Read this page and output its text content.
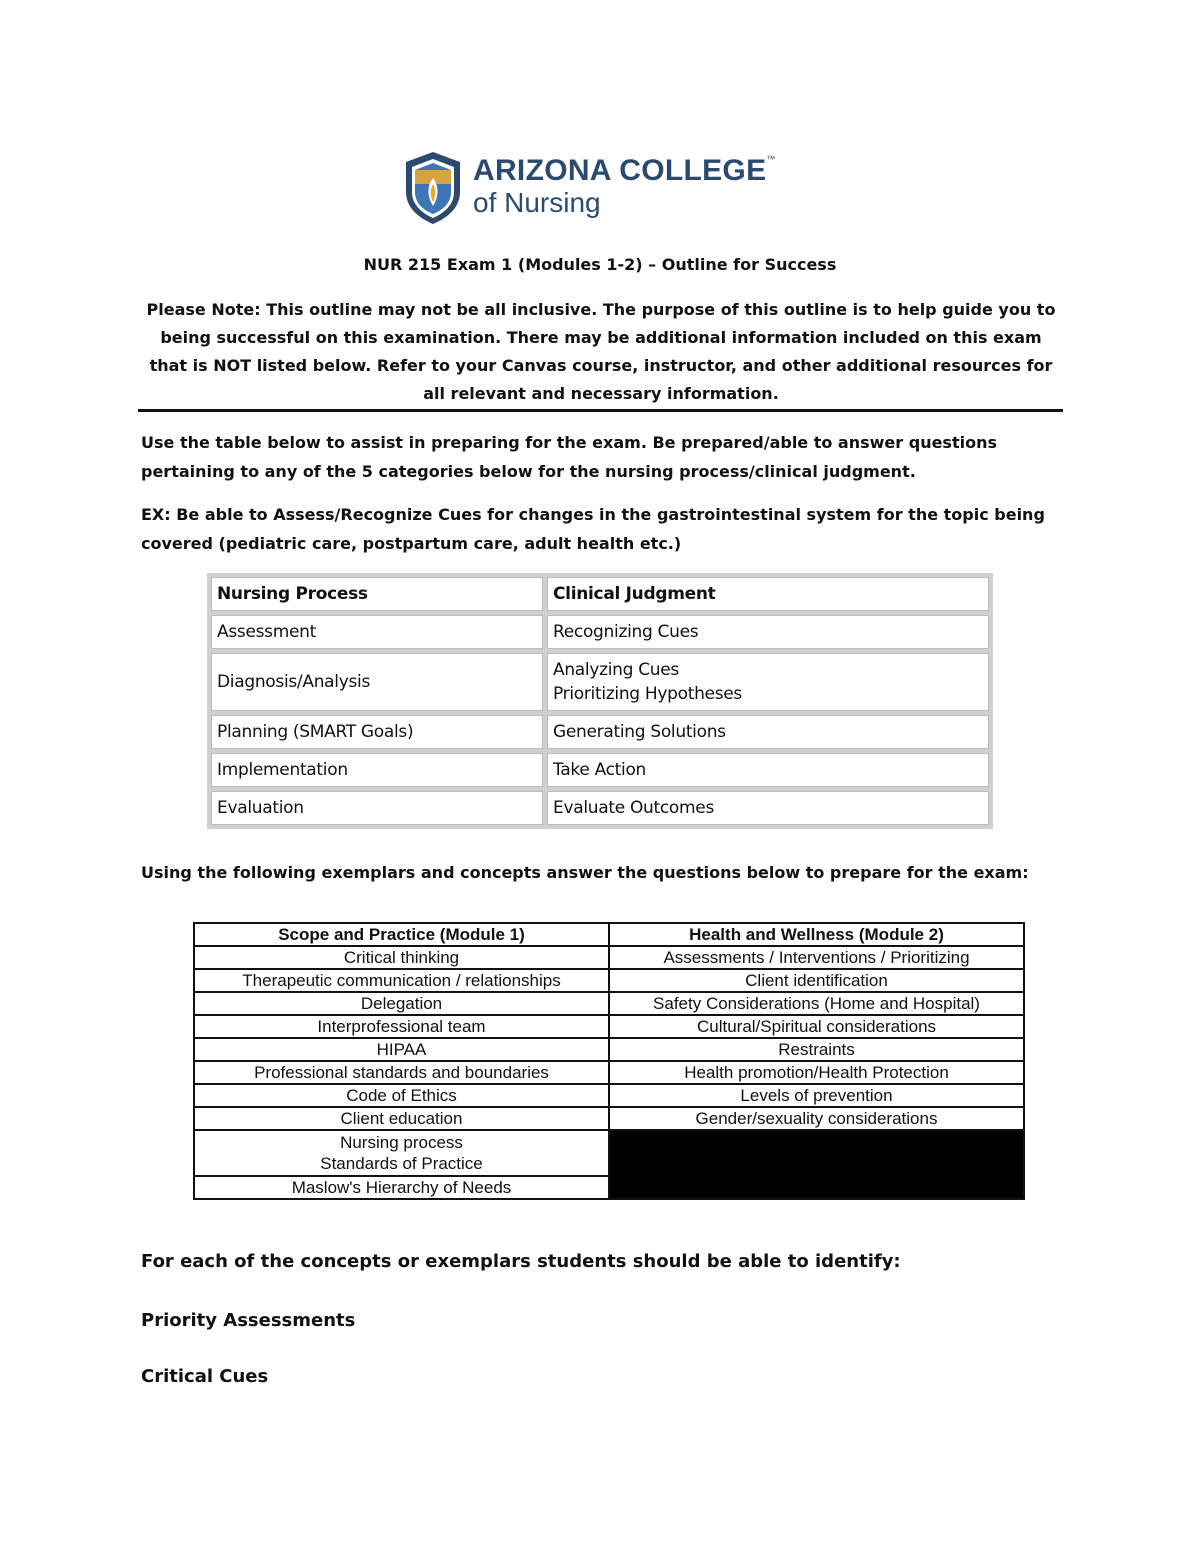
ARIZONA COLLEGE™
of Nursing
NUR 215 Exam 1 (Modules 1-2) – Outline for Success
Please Note: This outline may not be all inclusive. The purpose of this outline is to help guide you to being successful on this examination. There may be additional information included on this exam that is NOT listed below. Refer to your Canvas course, instructor, and other additional resources for all relevant and necessary information.
Use the table below to assist in preparing for the exam. Be prepared/able to answer questions pertaining to any of the 5 categories below for the nursing process/clinical judgment.
EX: Be able to Assess/Recognize Cues for changes in the gastrointestinal system for the topic being covered (pediatric care, postpartum care, adult health etc.)
Nursing Process	Clinical Judgment
Assessment	Recognizing Cues
Diagnosis/Analysis	Analyzing Cues
Prioritizing Hypotheses

Planning (SMART Goals)	Generating Solutions
Implementation	Take Action
Evaluation	Evaluate Outcomes
Using the following exemplars and concepts answer the questions below to prepare for the exam:
Scope and Practice (Module 1)	Health and Wellness (Module 2)
Critical thinking	Assessments / Interventions / Prioritizing
Therapeutic communication / relationships	Client identification
Delegation	Safety Considerations (Home and Hospital)
Interprofessional team	Cultural/Spiritual considerations
HIPAA	Restraints
Professional standards and boundaries	Health promotion/Health Protection
Code of Ethics	Levels of prevention
Client education	Gender/sexuality considerations

Nursing process
Standards of Practice	

Maslow's Hierarchy of Needs	
For each of the concepts or exemplars students should be able to identify:
Priority Assessments
Critical Cues
